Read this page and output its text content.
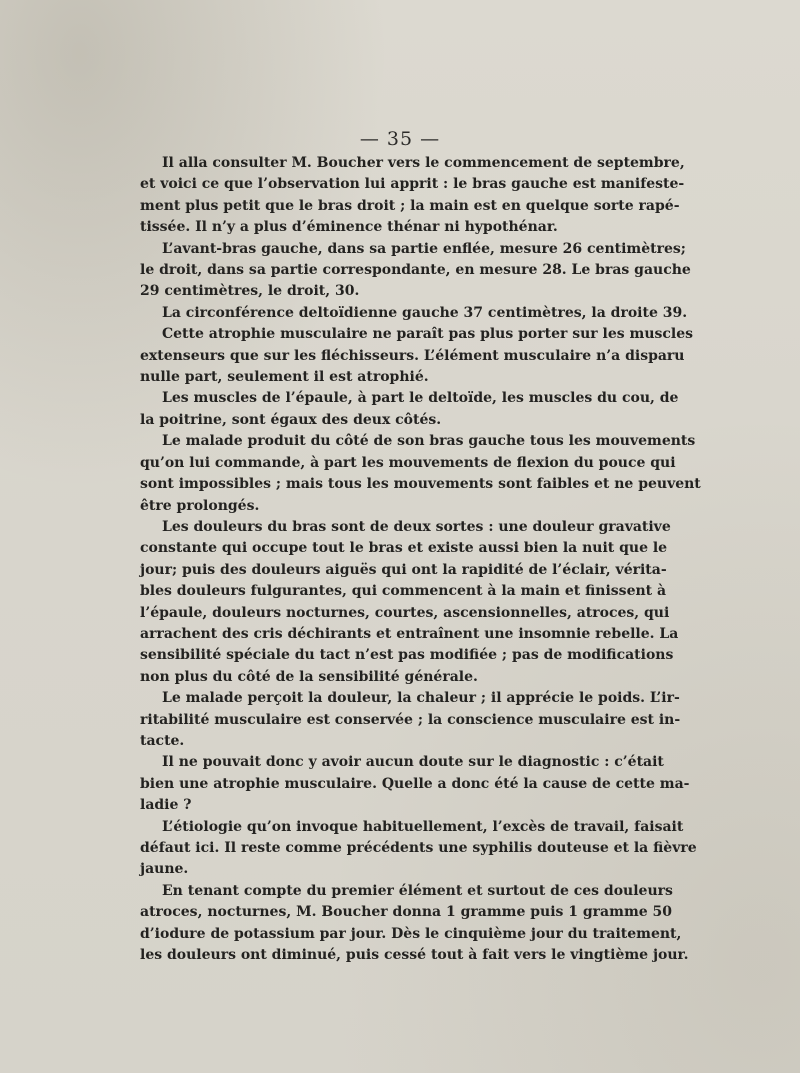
— 35 —
Il alla consulter M. Boucher vers le commencement de septembre,
et voici ce que l’observation lui apprit : le bras gauche est manifeste-
ment plus petit que le bras droit ; la main est en quelque sorte rapé-
tissée. Il n’y a plus d’éminence thénar ni hypothénar.
L’avant-bras gauche, dans sa partie enflée, mesure 26 centimètres;
le droit, dans sa partie correspondante, en mesure 28. Le bras gauche
29 centimètres, le droit, 30.
La circonférence deltoïdienne gauche 37 centimètres, la droite 39.
Cette atrophie musculaire ne paraît pas plus porter sur les muscles
extenseurs que sur les fléchisseurs. L’élément musculaire n’a disparu
nulle part, seulement il est atrophié.
Les muscles de l’épaule, à part le deltoïde, les muscles du cou, de
la poitrine, sont égaux des deux côtés.
Le malade produit du côté de son bras gauche tous les mouvements
qu’on lui commande, à part les mouvements de flexion du pouce qui
sont impossibles ; mais tous les mouvements sont faibles et ne peuvent
être prolongés.
Les douleurs du bras sont de deux sortes : une douleur gravative
constante qui occupe tout le bras et existe aussi bien la nuit que le
jour; puis des douleurs aiguës qui ont la rapidité de l’éclair, vérita-
bles douleurs fulgurantes, qui commencent à la main et finissent à
l’épaule, douleurs nocturnes, courtes, ascensionnelles, atroces, qui
arrachent des cris déchirants et entraînent une insomnie rebelle. La
sensibilité spéciale du tact n’est pas modifiée ; pas de modifications
non plus du côté de la sensibilité générale.
Le malade perçoit la douleur, la chaleur ; il apprécie le poids. L’ir-
ritabilité musculaire est conservée ; la conscience musculaire est in-
tacte.
Il ne pouvait donc y avoir aucun doute sur le diagnostic : c’était
bien une atrophie musculaire. Quelle a donc été la cause de cette ma-
ladie ?
L’étiologie qu’on invoque habituellement, l’excès de travail, faisait
défaut ici. Il reste comme précédents une syphilis douteuse et la fièvre
jaune.
En tenant compte du premier élément et surtout de ces douleurs
atroces, nocturnes, M. Boucher donna 1 gramme puis 1 gramme 50
d’iodure de potassium par jour. Dès le cinquième jour du traitement,
les douleurs ont diminué, puis cessé tout à fait vers le vingtième jour.
